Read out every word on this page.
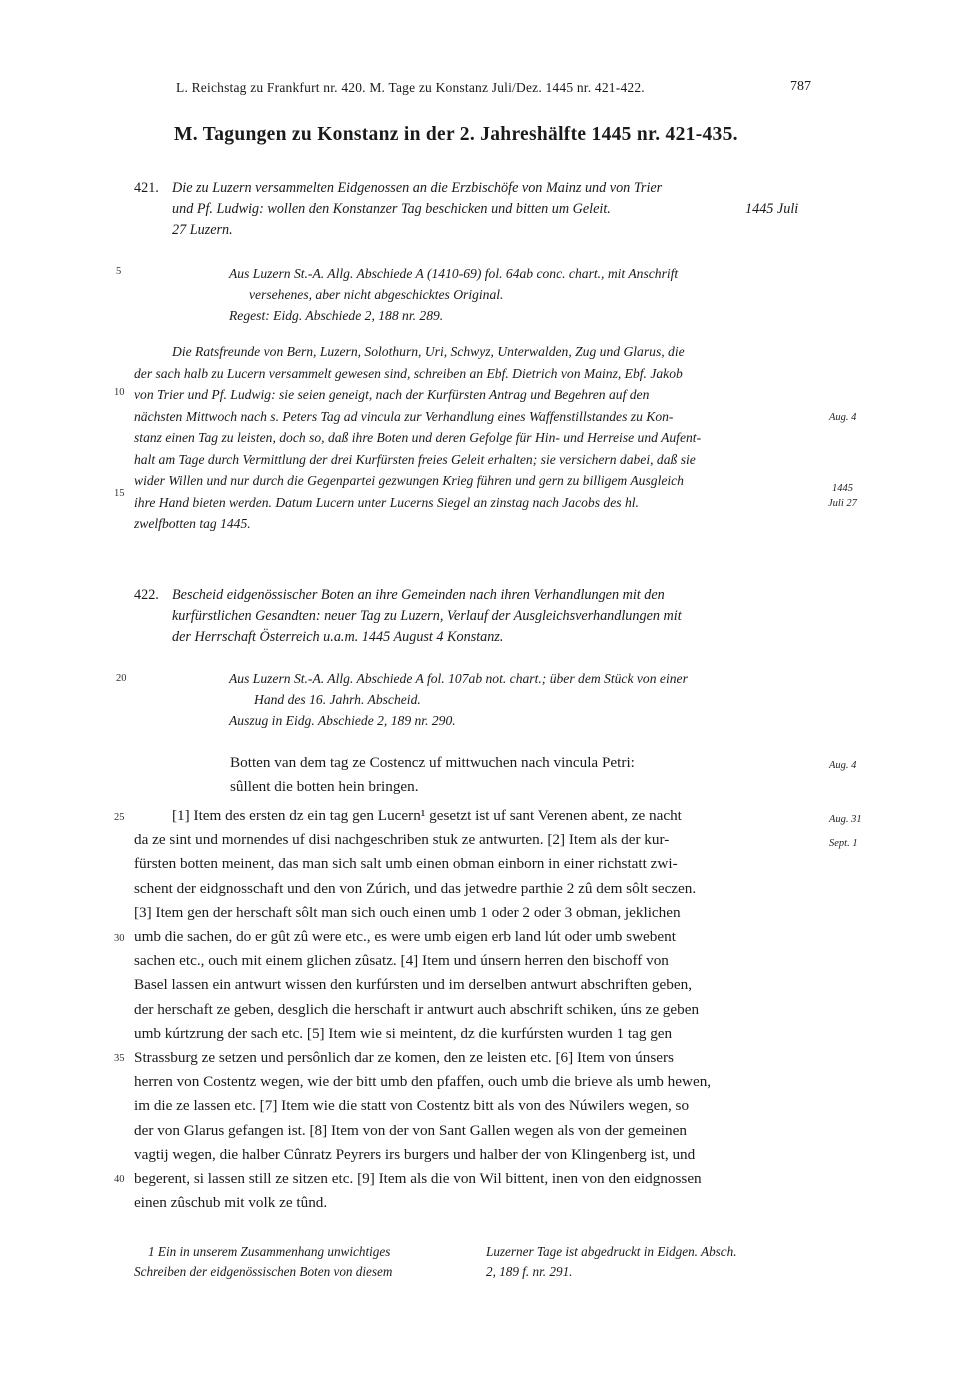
L. Reichstag zu Frankfurt nr. 420. M. Tage zu Konstanz Juli/Dez. 1445 nr. 421-422.	787
M. Tagungen zu Konstanz in der 2. Jahreshälfte 1445 nr. 421-435.
421. Die zu Luzern versammelten Eidgenossen an die Erzbischöfe von Mainz und von Trier
und Pf. Ludwig: wollen den Konstanzer Tag beschicken und bitten um Geleit.
27 Luzern.
1445 Juli
5	Aus Luzern St.-A. Allg. Abschiede A (1410-69) fol. 64ab conc. chart., mit Anschrift
versehenes, aber nicht abgeschicktes Original.
Regest: Eidg. Abschiede 2, 188 nr. 289.
Die Ratsfreunde von Bern, Luzern, Solothurn, Uri, Schwyz, Unterwalden, Zug und Glarus, die
der sach halb zu Lucern versammelt gewesen sind, schreiben an Ebf. Dietrich von Mainz, Ebf. Jakob
von Trier und Pf. Ludwig: sie seien geneigt, nach der Kurfürsten Antrag und Begehren auf den
nächsten Mittwoch nach s. Peters Tag ad vincula zur Verhandlung eines Waffenstillstandes zu Kon-
stanz einen Tag zu leisten, doch so, daß ihre Boten und deren Gefolge für Hin- und Herreise und Aufent-
halt am Tage durch Vermittlung der drei Kurfürsten freies Geleit erhalten; sie versichern dabei, daß sie
wider Willen und nur durch die Gegenpartei gezwungen Krieg führen und gern zu billigem Ausgleich
ihre Hand bieten werden. Datum Lucern unter Lucerns Siegel an zinstag nach Jacobs des hl.
zwelfbotten tag 1445.
10
15
Aug. 4
1445
Juli 27
422. Bescheid eidgenössischer Boten an ihre Gemeinden nach ihren Verhandlungen mit den
kurfürstlichen Gesandten: neuer Tag zu Luzern, Verlauf der Ausgleichsverhandlungen mit
der Herrschaft Österreich u.a.m. 1445 August 4 Konstanz.
20	Aus Luzern St.-A. Allg. Abschiede A fol. 107ab not. chart.; über dem Stück von einer
Hand des 16. Jahrh. Abscheid.
Auszug in Eidg. Abschiede 2, 189 nr. 290.
Botten van dem tag ze Costencz uf mittwuchen nach vincula Petri:
sûllent die botten hein bringen.
Aug. 4
[1] Item des ersten dz ein tag gen Lucern¹ gesetzt ist uf sant Verenen abent, ze nacht
da ze sint und mornendes uf disi nachgeschriben stuk ze antwurten. [2] Item als der kur-
fürsten botten meinent, das man sich salt umb einen obman einborn in einer richstatt zwi-
schent der eidgnosschaft und den von Zúrich, und das jetwedre parthie 2 zû dem sôlt seczen.
[3] Item gen der herschaft sôlt man sich ouch einen umb 1 oder 2 oder 3 obman, jeklichen
umb die sachen, do er gût zû were etc., es were umb eigen erb land lút oder umb swebent
sachen etc., ouch mit einem glichen zûsatz. [4] Item und únsern herren den bischoff von
Basel lassen ein antwurt wissen den kurfúrsten und im derselben antwurt abschriften geben,
der herschaft ze geben, desglich die herschaft ir antwurt auch abschrift schiken, úns ze geben
umb kúrtzrung der sach etc. [5] Item wie si meintent, dz die kurfúrsten wurden 1 tag gen
Strassburg ze setzen und persônlich dar ze komen, den ze leisten etc. [6] Item von únsers
herren von Costentz wegen, wie der bitt umb den pfaffen, ouch umb die brieve als umb hewen,
im die ze lassen etc. [7] Item wie die statt von Costentz bitt als von des Núwilers wegen, so
der von Glarus gefangen ist. [8] Item von der von Sant Gallen wegen als von der gemeinen
vagtij wegen, die halber Cûnratz Peyrers irs burgers und halber der von Klingenberg ist, und
begerent, si lassen still ze sitzen etc. [9] Item als die von Wil bittent, inen von den eidgnossen
einen zûschub mit volk ze tûnd.
25
30
35
40
Aug. 31
Sept. 1
1 Ein in unserem Zusammenhang unwichtiges
Schreiben der eidgenössischen Boten von diesem
Luzerner Tage ist abgedruckt in Eidgen. Absch.
2, 189 f. nr. 291.
